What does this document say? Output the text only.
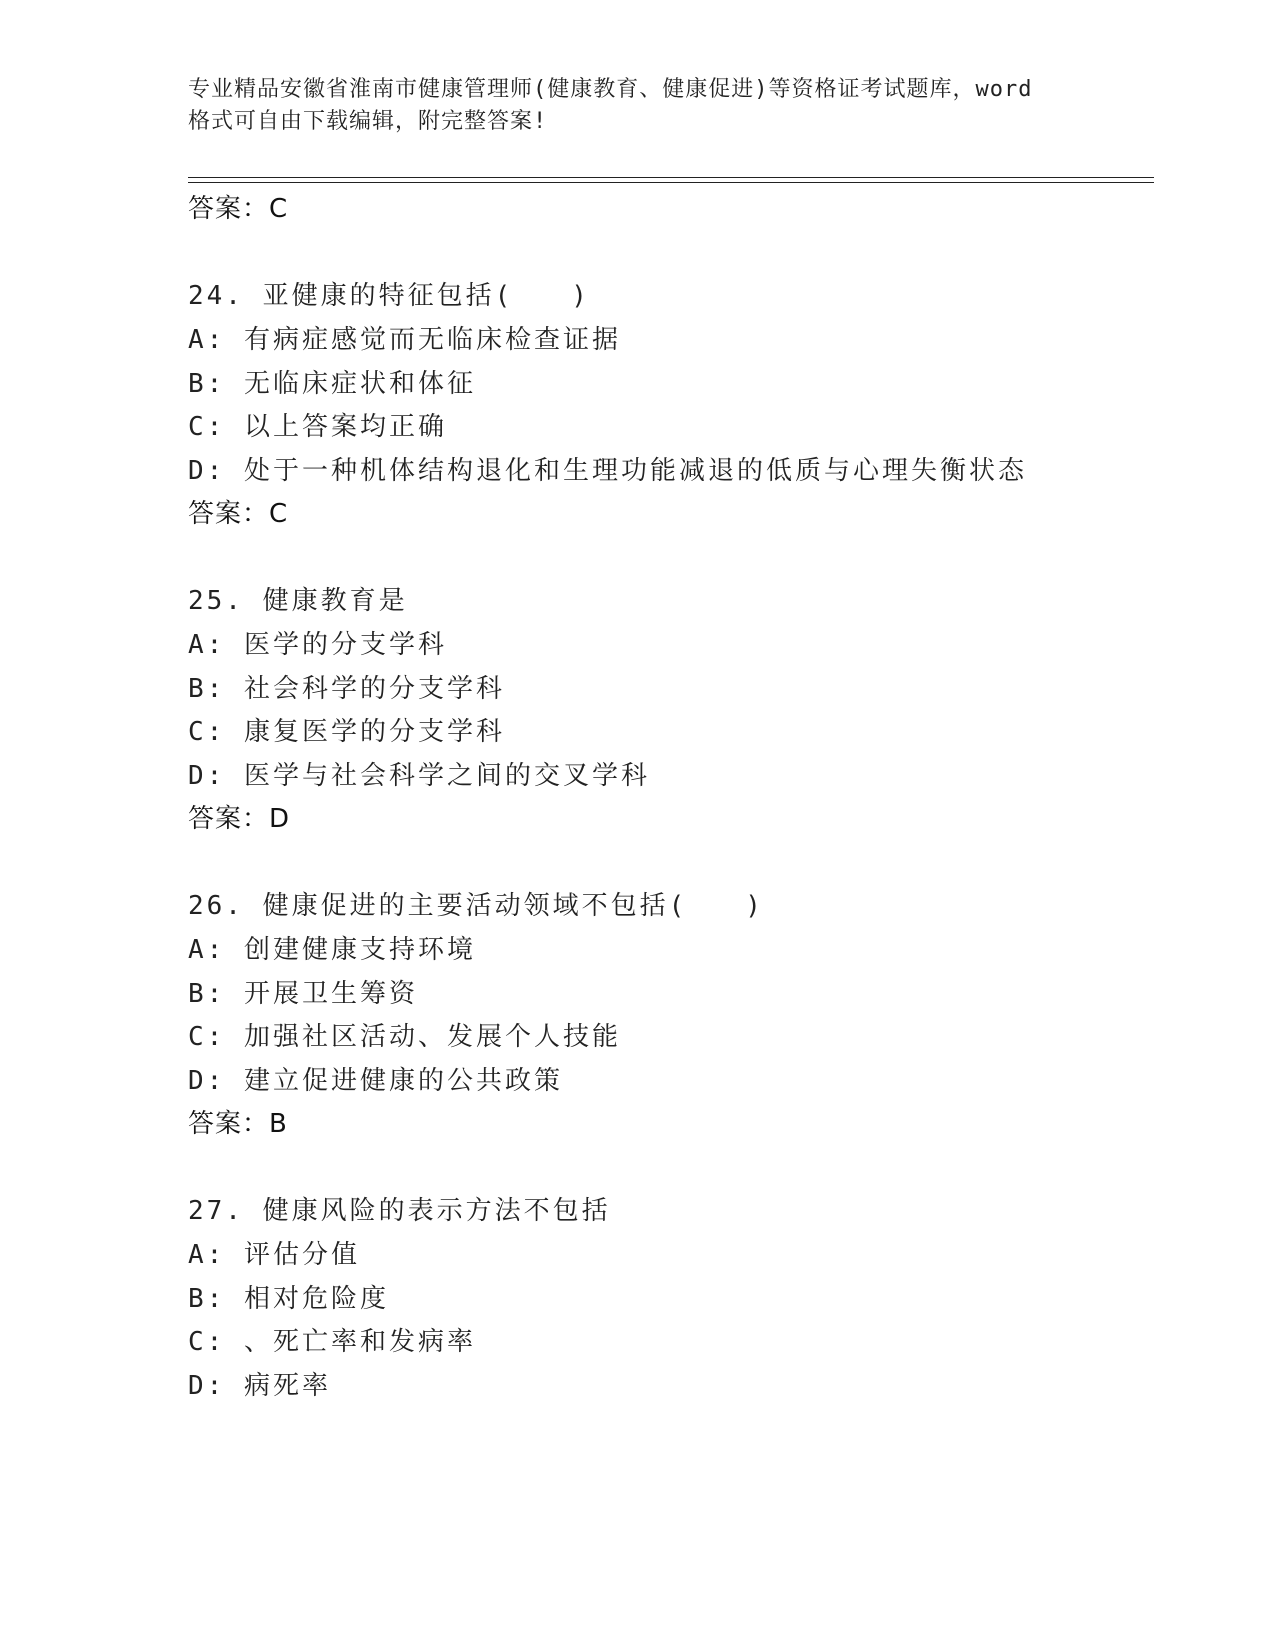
专业精品安徽省淮南市健康管理师(健康教育、健康促进)等资格证考试题库，word
格式可自由下载编辑，附完整答案!
答案：C
24. 亚健康的特征包括(　　)
A: 有病症感觉而无临床检查证据
B: 无临床症状和体征
C: 以上答案均正确
D: 处于一种机体结构退化和生理功能减退的低质与心理失衡状态
答案：C
25. 健康教育是
A: 医学的分支学科
B: 社会科学的分支学科
C: 康复医学的分支学科
D: 医学与社会科学之间的交叉学科
答案：D
26. 健康促进的主要活动领域不包括(　　)
A: 创建健康支持环境
B: 开展卫生筹资
C: 加强社区活动、发展个人技能
D: 建立促进健康的公共政策
答案：B
27. 健康风险的表示方法不包括
A: 评估分值
B: 相对危险度
C: 、死亡率和发病率
D: 病死率
